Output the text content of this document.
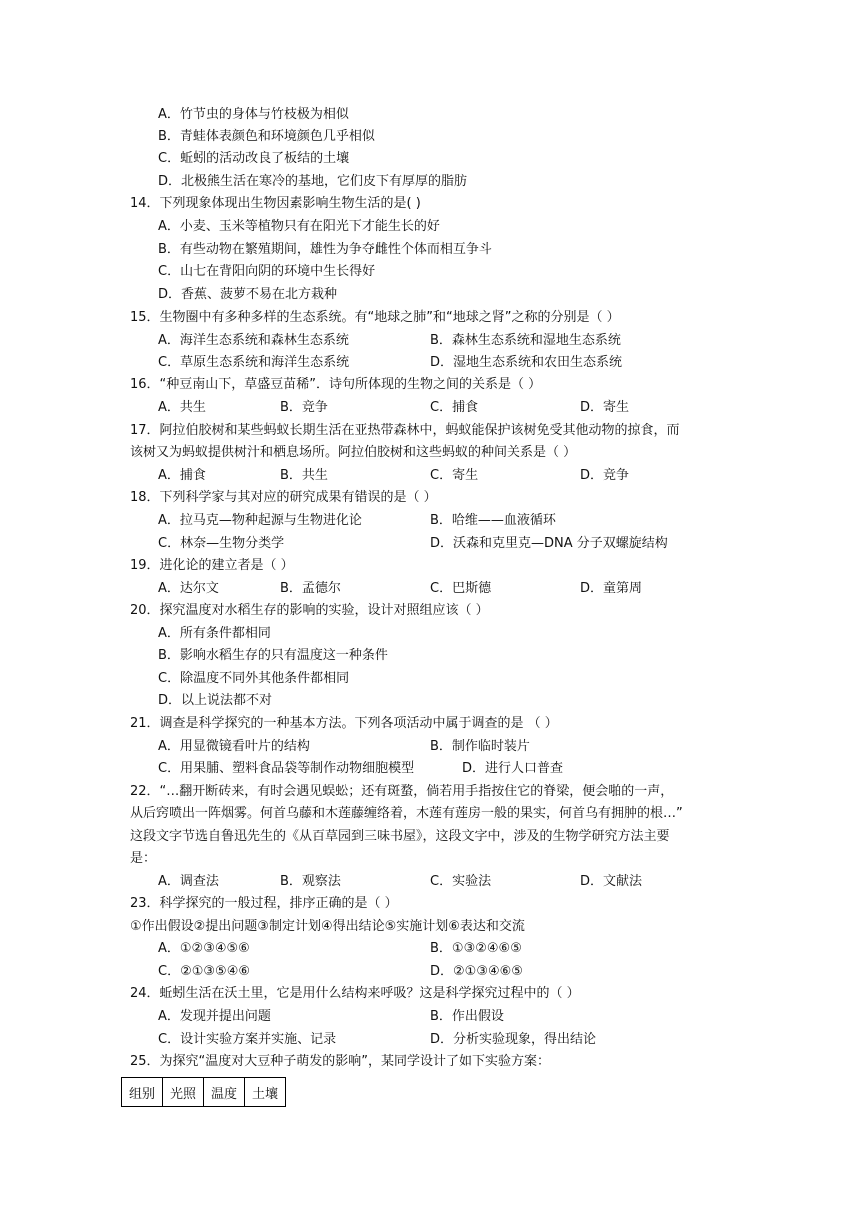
A．竹节虫的身体与竹枝极为相似
B．青蛙体表颜色和环境颜色几乎相似
C．蚯蚓的活动改良了板结的土壤
D．北极熊生活在寒冷的基地，它们皮下有厚厚的脂肪
14．下列现象体现出生物因素影响生物生活的是( )
A．小麦、玉米等植物只有在阳光下才能生长的好
B．有些动物在繁殖期间，雄性为争夺雌性个体而相互争斗
C．山七在背阳向阴的环境中生长得好
D．香蕉、菠萝不易在北方栽种
15．生物圈中有多种多样的生态系统。有“地球之肺”和“地球之肾”之称的分别是（ ）
A．海洋生态系统和森林生态系统	B．森林生态系统和湿地生态系统
C．草原生态系统和海洋生态系统	D．湿地生态系统和农田生态系统
16．“种豆南山下，草盛豆苗稀”．诗句所体现的生物之间的关系是（ ）
A．共生	B．竞争	C．捕食	D．寄生
17．阿拉伯胶树和某些蚂蚁长期生活在亚热带森林中，蚂蚁能保护该树免受其他动物的掠食，而
该树又为蚂蚁提供树汁和栖息场所。阿拉伯胶树和这些蚂蚁的种间关系是（ ）
A．捕食	B．共生	C．寄生	D．竞争
18．下列科学家与其对应的研究成果有错误的是（ ）
A．拉马克—物种起源与生物进化论	B．哈维——血液循环
C．林奈—生物分类学	D．沃森和克里克—DNA 分子双螺旋结构
19．进化论的建立者是（ ）
A．达尔文	B．孟德尔	C．巴斯德	D．童第周
20．探究温度对水稻生存的影响的实验，设计对照组应该（ ）
A．所有条件都相同
B．影响水稻生存的只有温度这一种条件
C．除温度不同外其他条件都相同
D．以上说法都不对
21．调查是科学探究的一种基本方法。下列各项活动中属于调查的是 （ ）
A．用显微镜看叶片的结构	B．制作临时装片
C．用果脯、塑料食品袋等制作动物细胞模型	D．进行人口普查
22．“…翻开断砖来，有时会遇见蜈蚣；还有斑蝥，倘若用手指按住它的脊梁，便会啪的一声，
从后窍喷出一阵烟雾。何首乌藤和木莲藤缠络着，木莲有莲房一般的果实，何首乌有拥肿的根…”
这段文字节选自鲁迅先生的《从百草园到三味书屋》，这段文字中，涉及的生物学研究方法主要
是：
A．调查法	B．观察法	C．实验法	D．文献法
23．科学探究的一般过程，排序正确的是（ ）
①作出假设②提出问题③制定计划④得出结论⑤实施计划⑥表达和交流
A．①②③④⑤⑥	B．①③②④⑥⑤
C．②①③⑤④⑥	D．②①③④⑥⑤
24．蚯蚓生活在沃土里，它是用什么结构来呼吸？这是科学探究过程中的（ ）
A．发现并提出问题	B．作出假设
C．设计实验方案并实施、记录	D．分析实验现象，得出结论
25．为探究“温度对大豆种子萌发的影响”，某同学设计了如下实验方案：
组别	光照	温度	土壤
